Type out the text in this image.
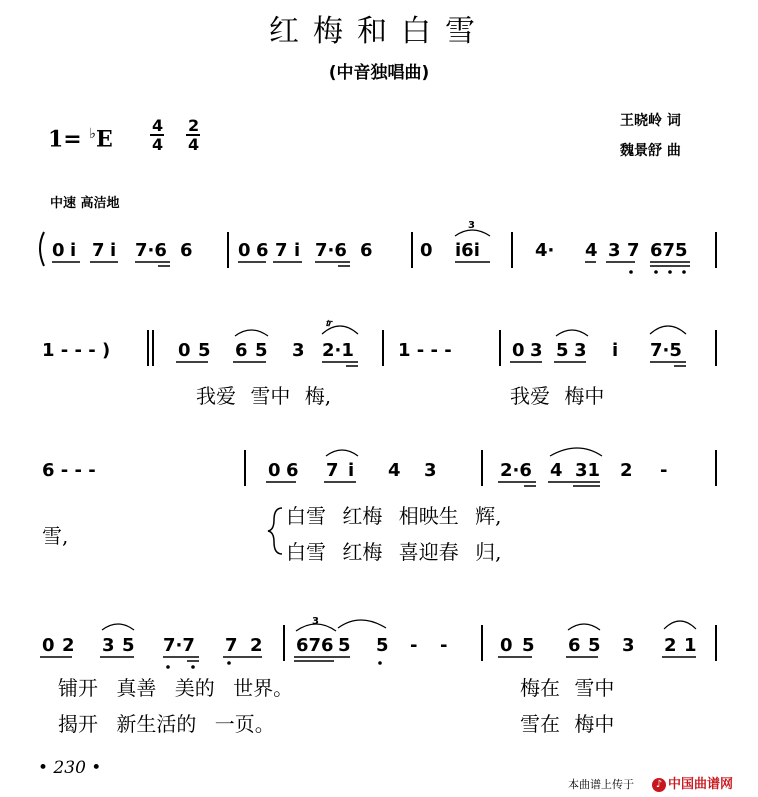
红梅和白雪
(中音独唱曲)
王晓岭 词
魏景舒 曲
1= ♭E
中速 高洁地
4
4
2
4
0 i 7 i 7·6 6	0 6 7 i 7·6 6	0 i6i
3
4· 4 3 7 675
1 - - - )	0 5 6 5 3 2·1
𝆖
1 - - -	0 3 5 3 i 7·5
6 - - -	0 6 7 i 4 3	2·6 4 31 2 -
0 2 3 5 7·7 7 2 676 5
3
5 - -	0 5 6 5 3 2 1
我爱 雪中 梅,	我爱 梅中
雪,
白雪 红梅 相映生 辉,
白雪 红梅 喜迎春 归,
铺开 真善 美的 世界。	梅在 雪中
揭开 新生活的 一页。	雪在 梅中
• 230 •
本曲谱上传于	♪ 中国曲谱网
